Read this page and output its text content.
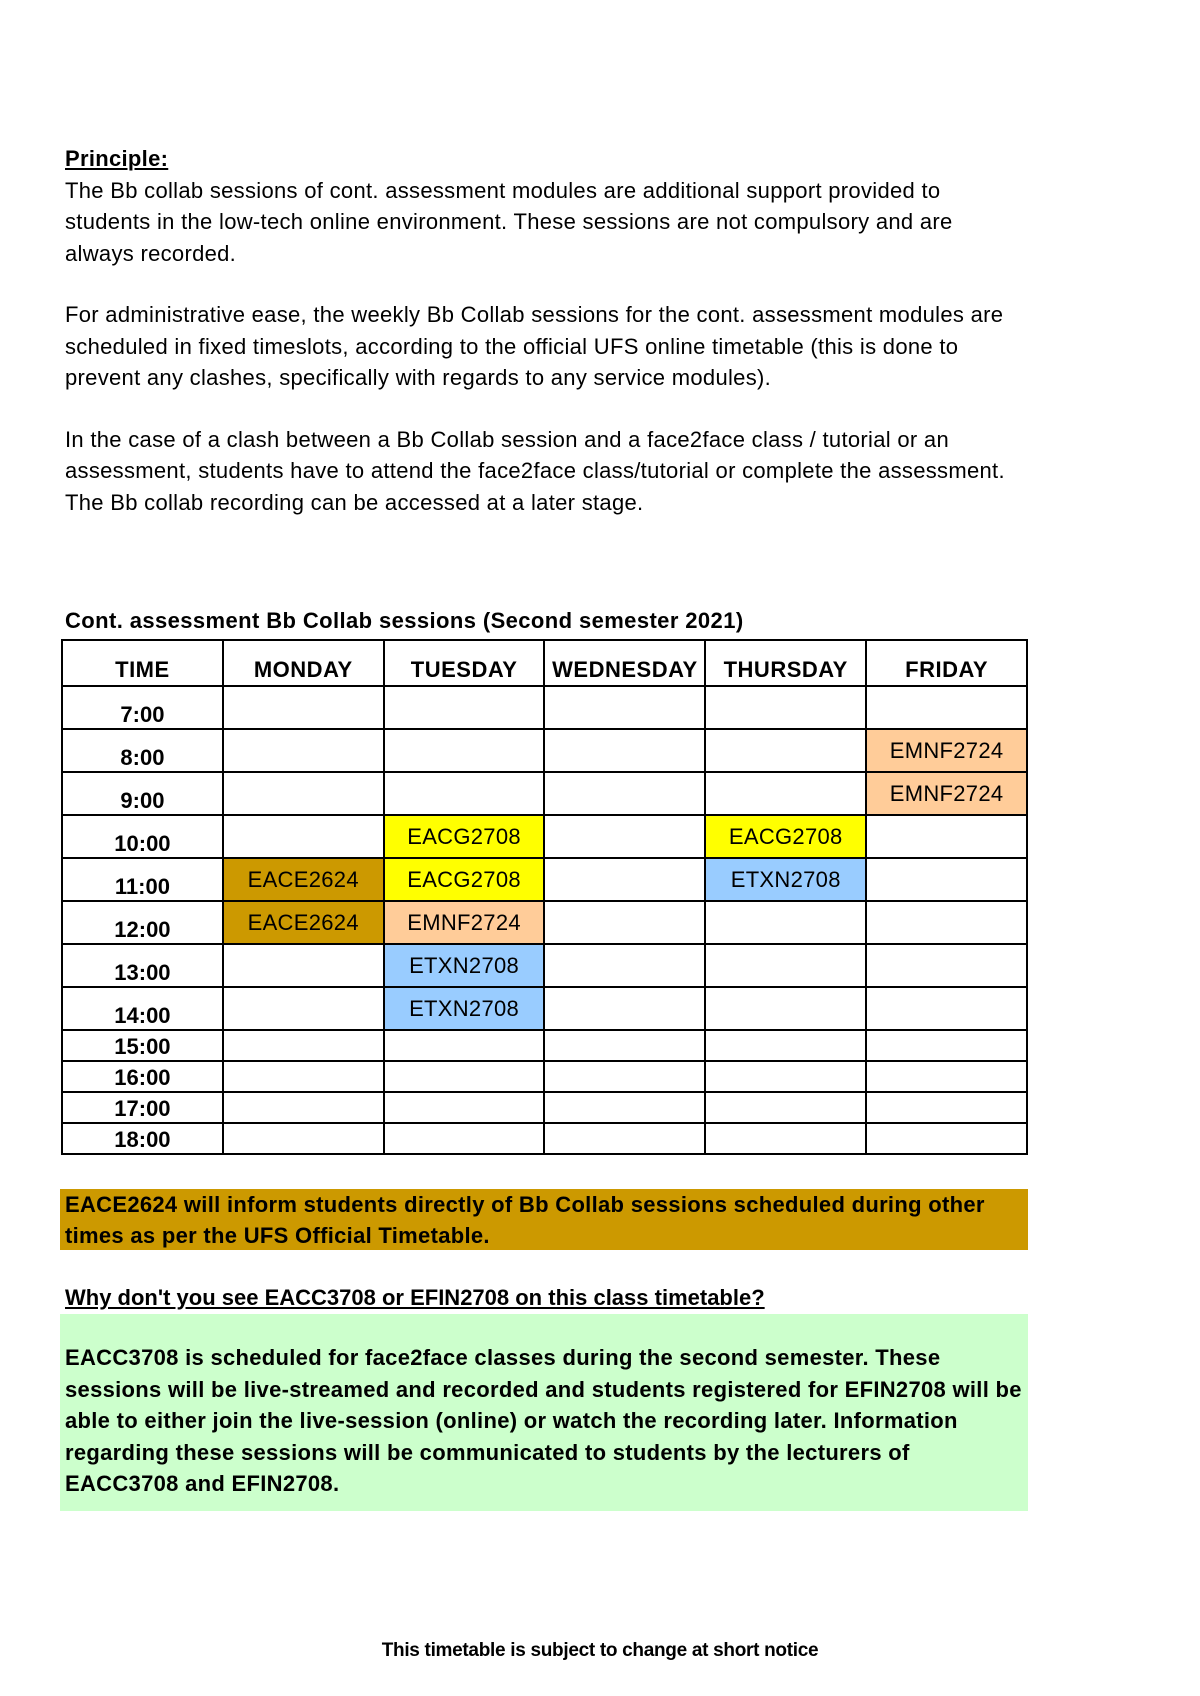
Principle:
The Bb collab sessions of cont. assessment modules are additional support provided to students in the low-tech online environment. These sessions are not compulsory and are always recorded.
For administrative ease, the weekly Bb Collab sessions for the cont. assessment modules are scheduled in fixed timeslots, according to the official UFS online timetable (this is done to prevent any clashes, specifically with regards to any service modules).
In the case of a clash between a Bb Collab session and a face2face class / tutorial or an assessment, students have to attend the face2face class/tutorial or complete the assessment. The Bb collab recording can be accessed at a later stage.
Cont. assessment Bb Collab sessions (Second semester 2021)
TIME	MONDAY	TUESDAY	WEDNESDAY	THURSDAY	FRIDAY
7:00					
8:00					EMNF2724
9:00					EMNF2724
10:00		EACG2708		EACG2708	
11:00	EACE2624	EACG2708		ETXN2708	
12:00	EACE2624	EMNF2724			
13:00		ETXN2708			
14:00		ETXN2708			
15:00					
16:00					
17:00					
18:00					
EACE2624 will inform students directly of Bb Collab sessions scheduled during other times as per the UFS Official Timetable.
Why don't you see EACC3708 or EFIN2708 on this class timetable?
EACC3708 is scheduled for face2face classes during the second semester. These sessions will be live-streamed and recorded and students registered for EFIN2708 will be able to either join the live-session (online) or watch the recording later. Information regarding these sessions will be communicated to students by the lecturers of EACC3708 and EFIN2708.
This timetable is subject to change at short notice
